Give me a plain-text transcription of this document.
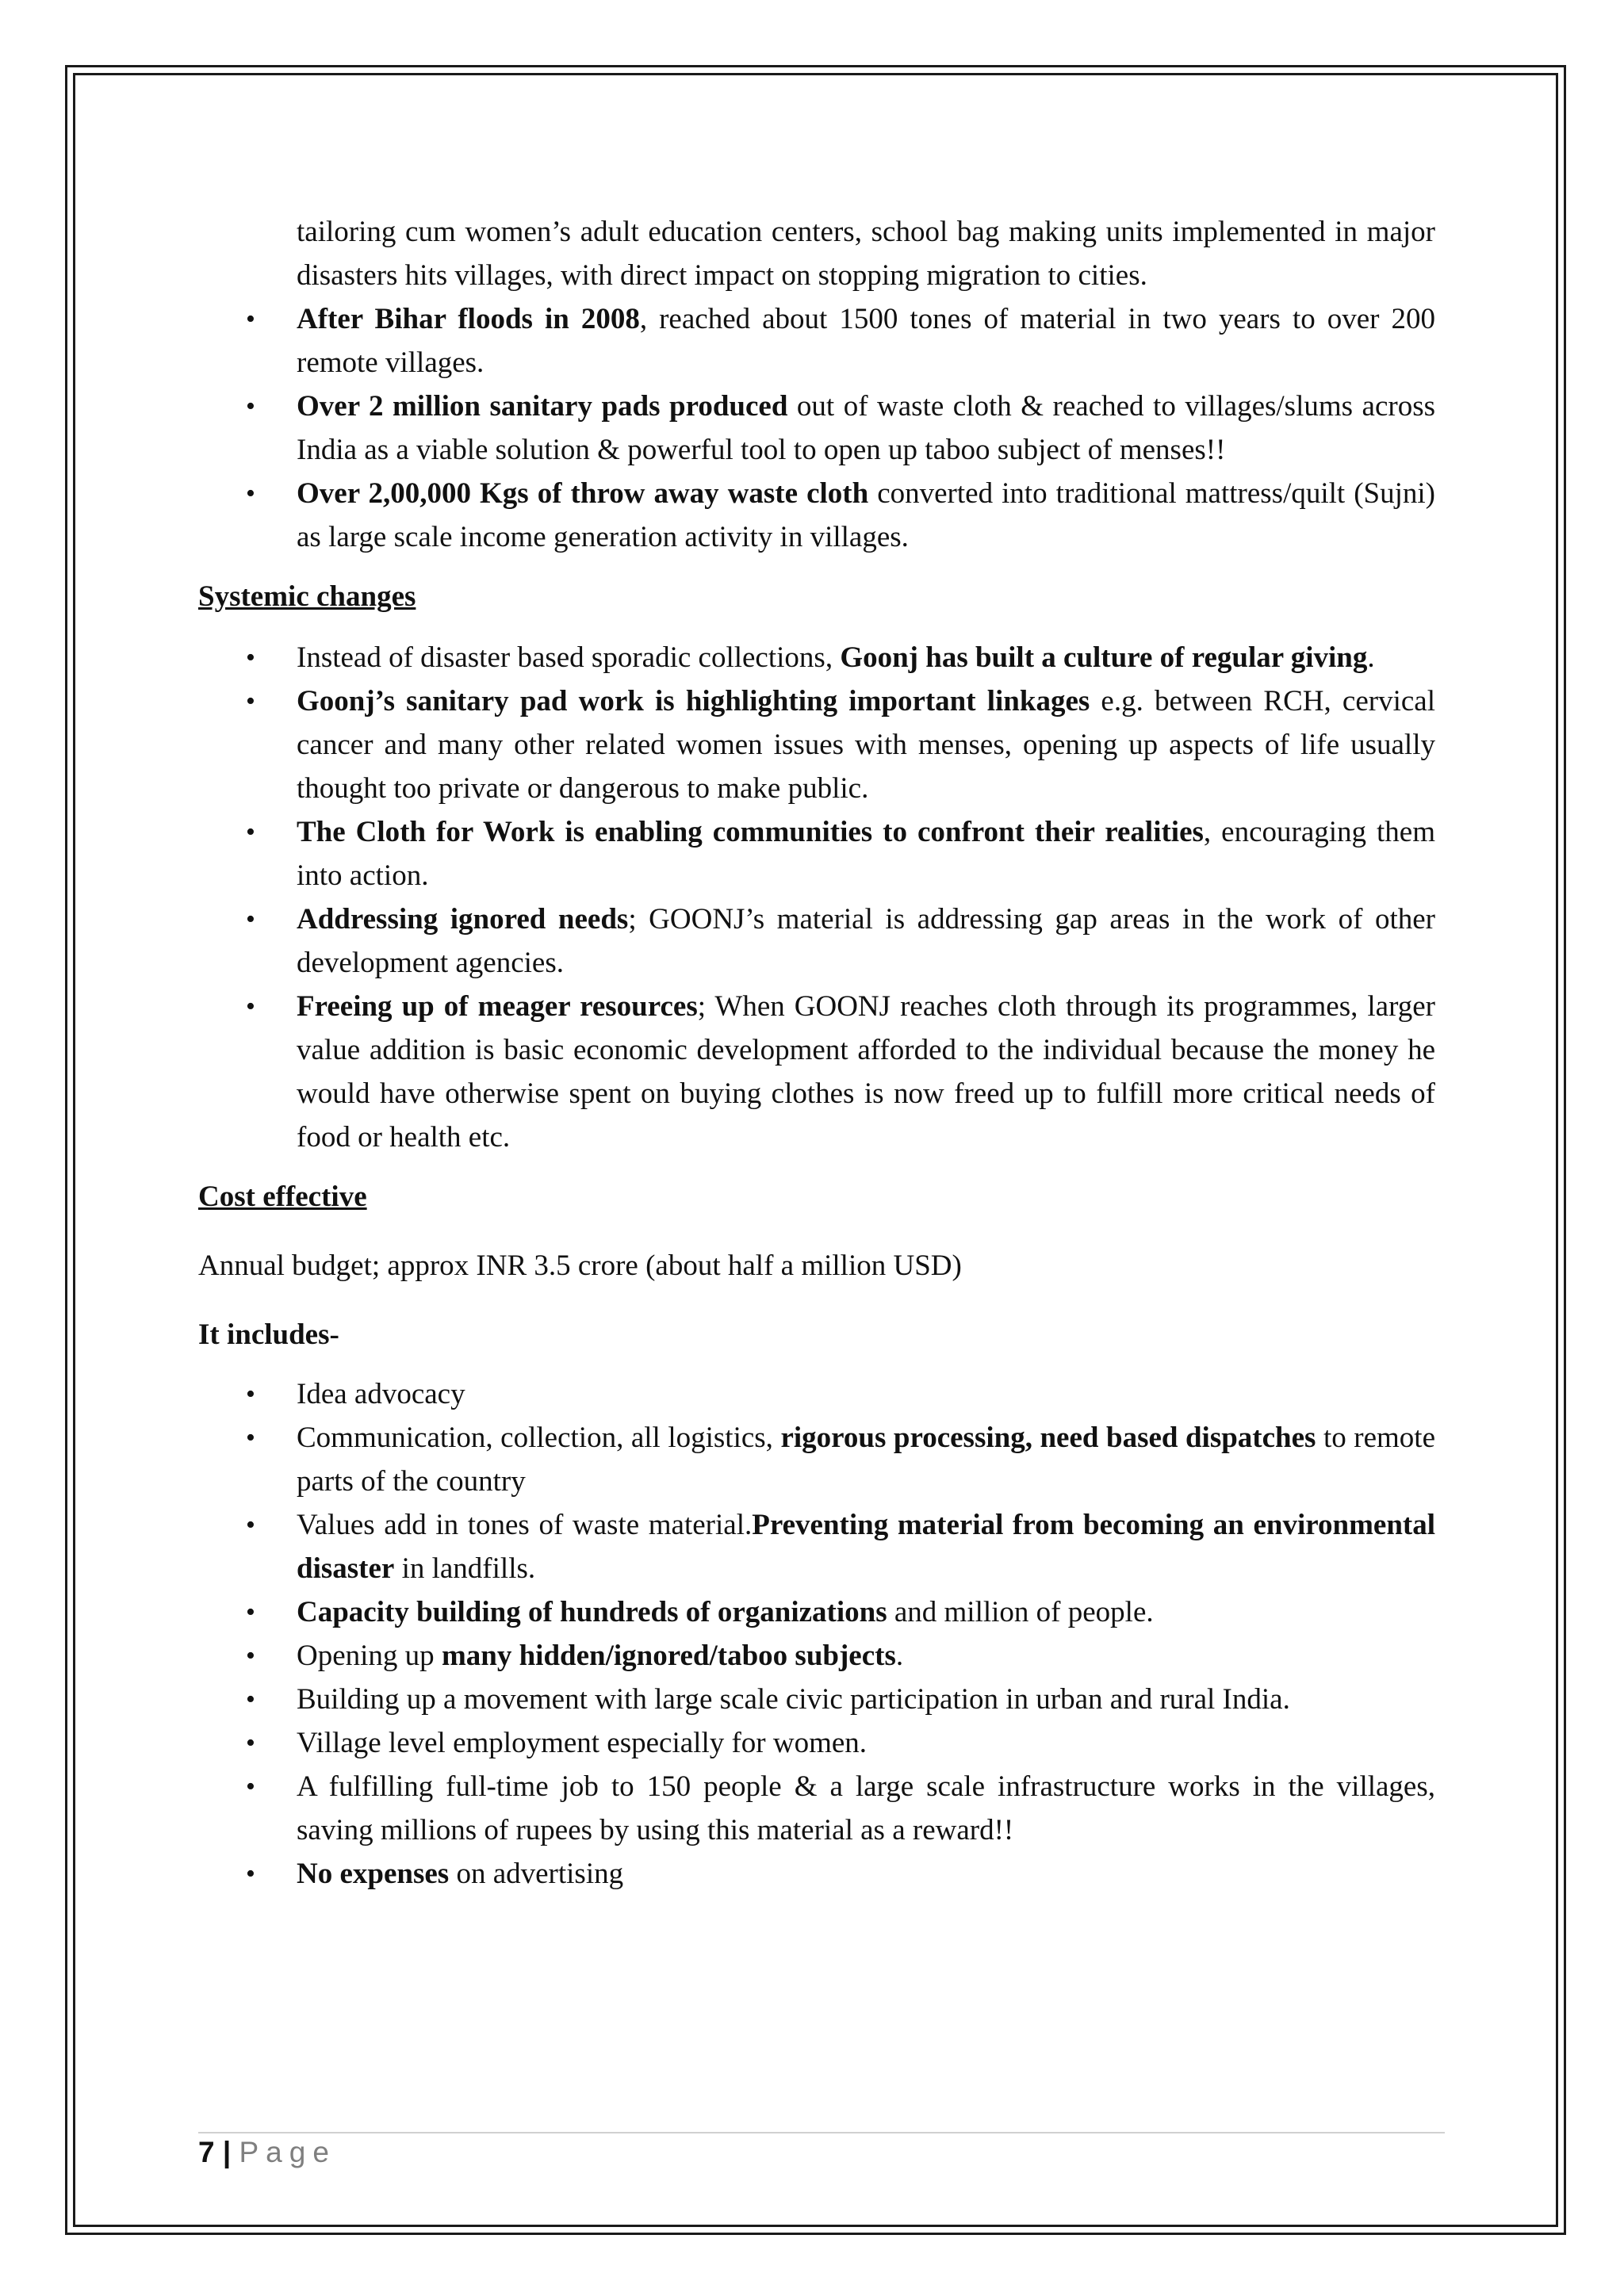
tailoring cum women’s adult education centers, school bag making units implemented in major disasters hits villages, with direct impact on stopping migration to cities.

• After Bihar floods in 2008, reached about 1500 tones of material in two years to over 200 remote villages.
• Over 2 million sanitary pads produced out of waste cloth & reached to villages/slums across India as a viable solution & powerful tool to open up taboo subject of menses!!
• Over 2,00,000 Kgs of throw away waste cloth converted into traditional mattress/quilt (Sujni) as large scale income generation activity in villages.

Systemic changes

• Instead of disaster based sporadic collections, Goonj has built a culture of regular giving.
• Goonj’s sanitary pad work is highlighting important linkages e.g. between RCH, cervical cancer and many other related women issues with menses, opening up aspects of life usually thought too private or dangerous to make public.
• The Cloth for Work is enabling communities to confront their realities, encouraging them into action.
• Addressing ignored needs; GOONJ’s material is addressing gap areas in the work of other development agencies.
• Freeing up of meager resources; When GOONJ reaches cloth through its programmes, larger value addition is basic economic development afforded to the individual because the money he would have otherwise spent on buying clothes is now freed up to fulfill more critical needs of food or health etc.

Cost effective

Annual budget; approx INR 3.5 crore (about half a million USD)

It includes-

• Idea advocacy
• Communication, collection, all logistics, rigorous processing, need based dispatches to remote parts of the country
• Values add in tones of waste material.Preventing material from becoming an environmental disaster in landfills.
• Capacity building of hundreds of organizations and million of people.
• Opening up many hidden/ignored/taboo subjects.
• Building up a movement with large scale civic participation in urban and rural India.
• Village level employment especially for women.
• A fulfilling full-time job to 150 people & a large scale infrastructure works in the villages, saving millions of rupees by using this material as a reward!!
• No expenses on advertising
7 | Page
